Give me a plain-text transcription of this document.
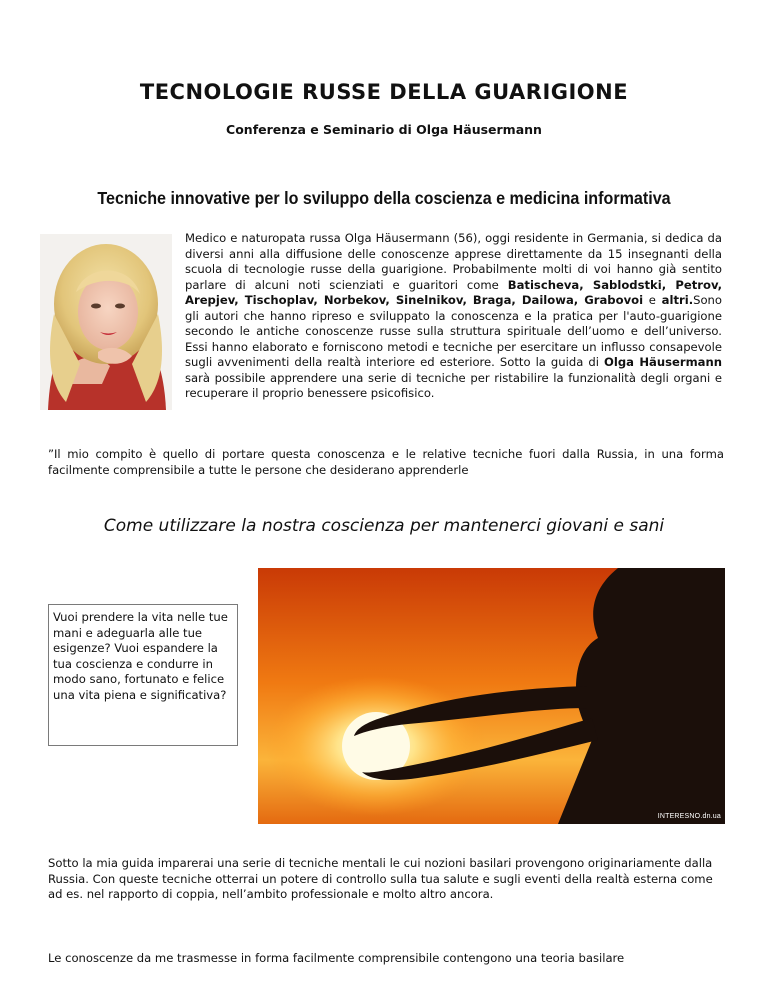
TECNOLOGIE RUSSE DELLA GUARIGIONE

Conferenza e Seminario di Olga Häusermann

Tecniche innovative per lo sviluppo della coscienza e medicina informativa

Medico e naturopata russa Olga Häusermann (56), oggi residente in Germania, si dedica da diversi anni alla diffusione delle conoscenze apprese direttamente da 15 insegnanti della scuola di tecnologie russe della guarigione. Probabilmente molti di voi hanno già sentito parlare di alcuni noti scienziati e guaritori come Batischeva, Sablodstki, Petrov, Arepjev, Tischoplav, Norbekov, Sinelnikov, Braga, Dailowa, Grabovoi e altri.Sono gli autori che hanno ripreso e sviluppato la conoscenza e la pratica per l'auto-guarigione secondo le antiche conoscenze russe sulla struttura spirituale dell’uomo e dell’universo. Essi hanno elaborato e forniscono metodi e tecniche per esercitare un influsso consapevole sugli avvenimenti della realtà interiore ed esteriore. Sotto la guida di Olga Häusermann sarà possibile apprendere una serie di tecniche per ristabilire la funzionalità degli organi e recuperare il proprio benessere psicofisico.

”Il mio compito è quello di portare questa conoscenza e le relative tecniche fuori dalla Russia, in una forma facilmente comprensibile a tutte le persone che desiderano apprenderle

Come utilizzare la nostra coscienza per mantenerci giovani e sani

INTERESNO.dn.ua
Vuoi prendere la vita nelle tue mani e adeguarla alle tue esigenze? Vuoi espandere la tua coscienza e condurre in modo sano, fortunato e felice una vita piena e significativa?

Sotto la mia guida imparerai una serie di tecniche mentali le cui nozioni basilari provengono originariamente dalla Russia. Con queste tecniche otterrai un potere di controllo sulla tua salute e sugli eventi della realtà esterna come ad es. nel rapporto di coppia, nell’ambito professionale e molto altro ancora.

Le conoscenze da me trasmesse in forma facilmente comprensibile contengono una teoria basilare
